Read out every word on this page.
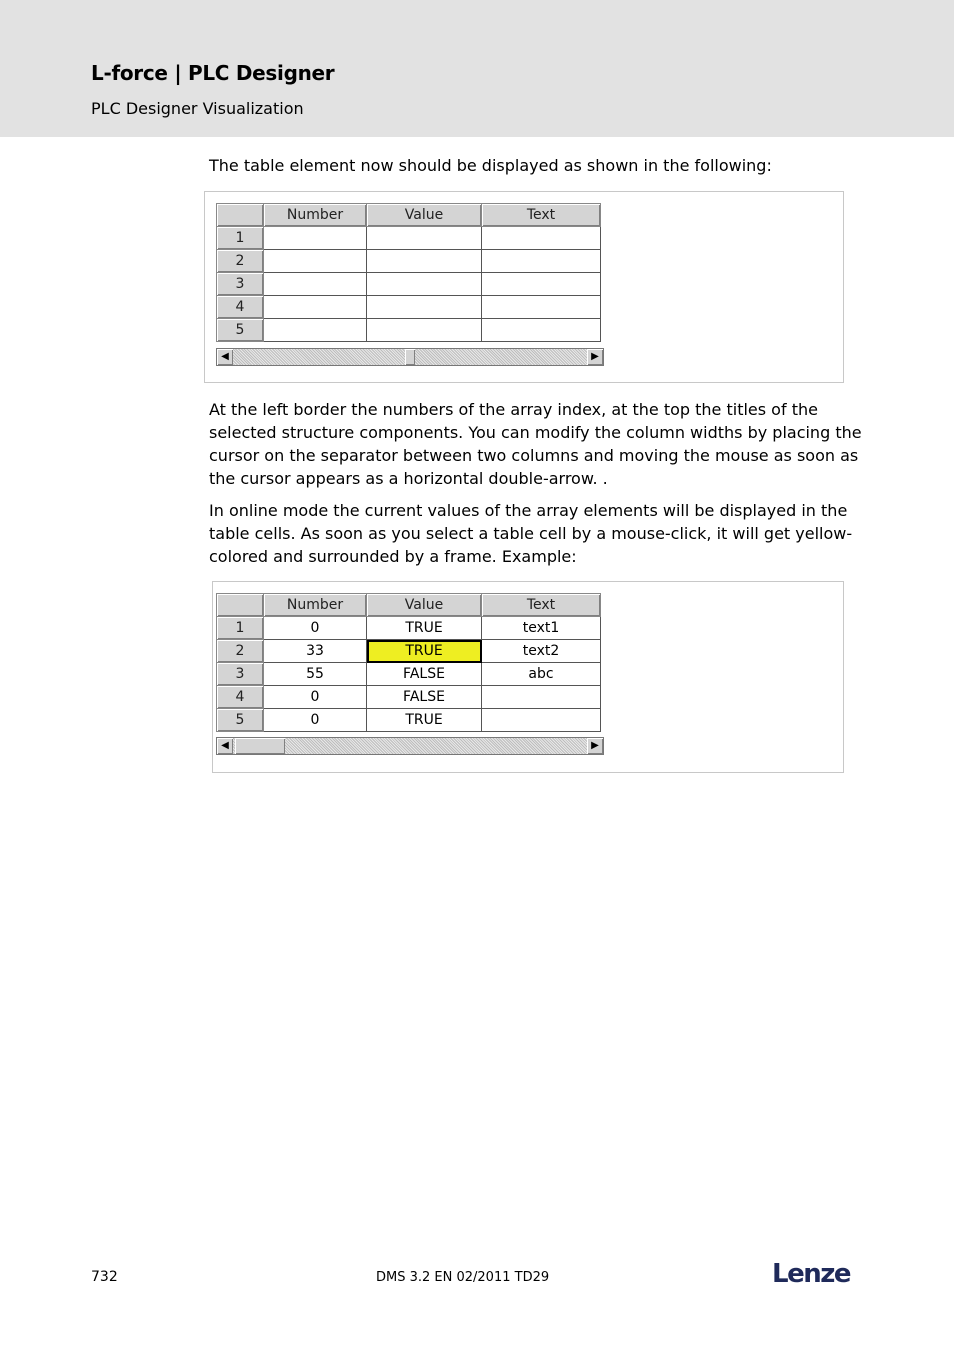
L-force | PLC Designer
PLC Designer Visualization

The table element now should be displayed as shown in the following:

	Number	Value	Text
1			
2			
3			
4			
5			
◀	▶

At the left border the numbers of the array index, at the top the titles of the
selected structure components. You can modify the column widths by placing the
cursor on the separator between two columns and moving the mouse as soon as
the cursor appears as a horizontal double-arrow. .

In online mode the current values of the array elements will be displayed in the
table cells. As soon as you select a table cell by a mouse-click, it will get yellow-
colored and surrounded by a frame. Example:

	Number	Value	Text
1	0	TRUE	text1
2	33	TRUE	text2
3	55	FALSE	abc
4	0	FALSE	
5	0	TRUE	
◀	▶
732	DMS 3.2 EN 02/2011 TD29	Lenze
